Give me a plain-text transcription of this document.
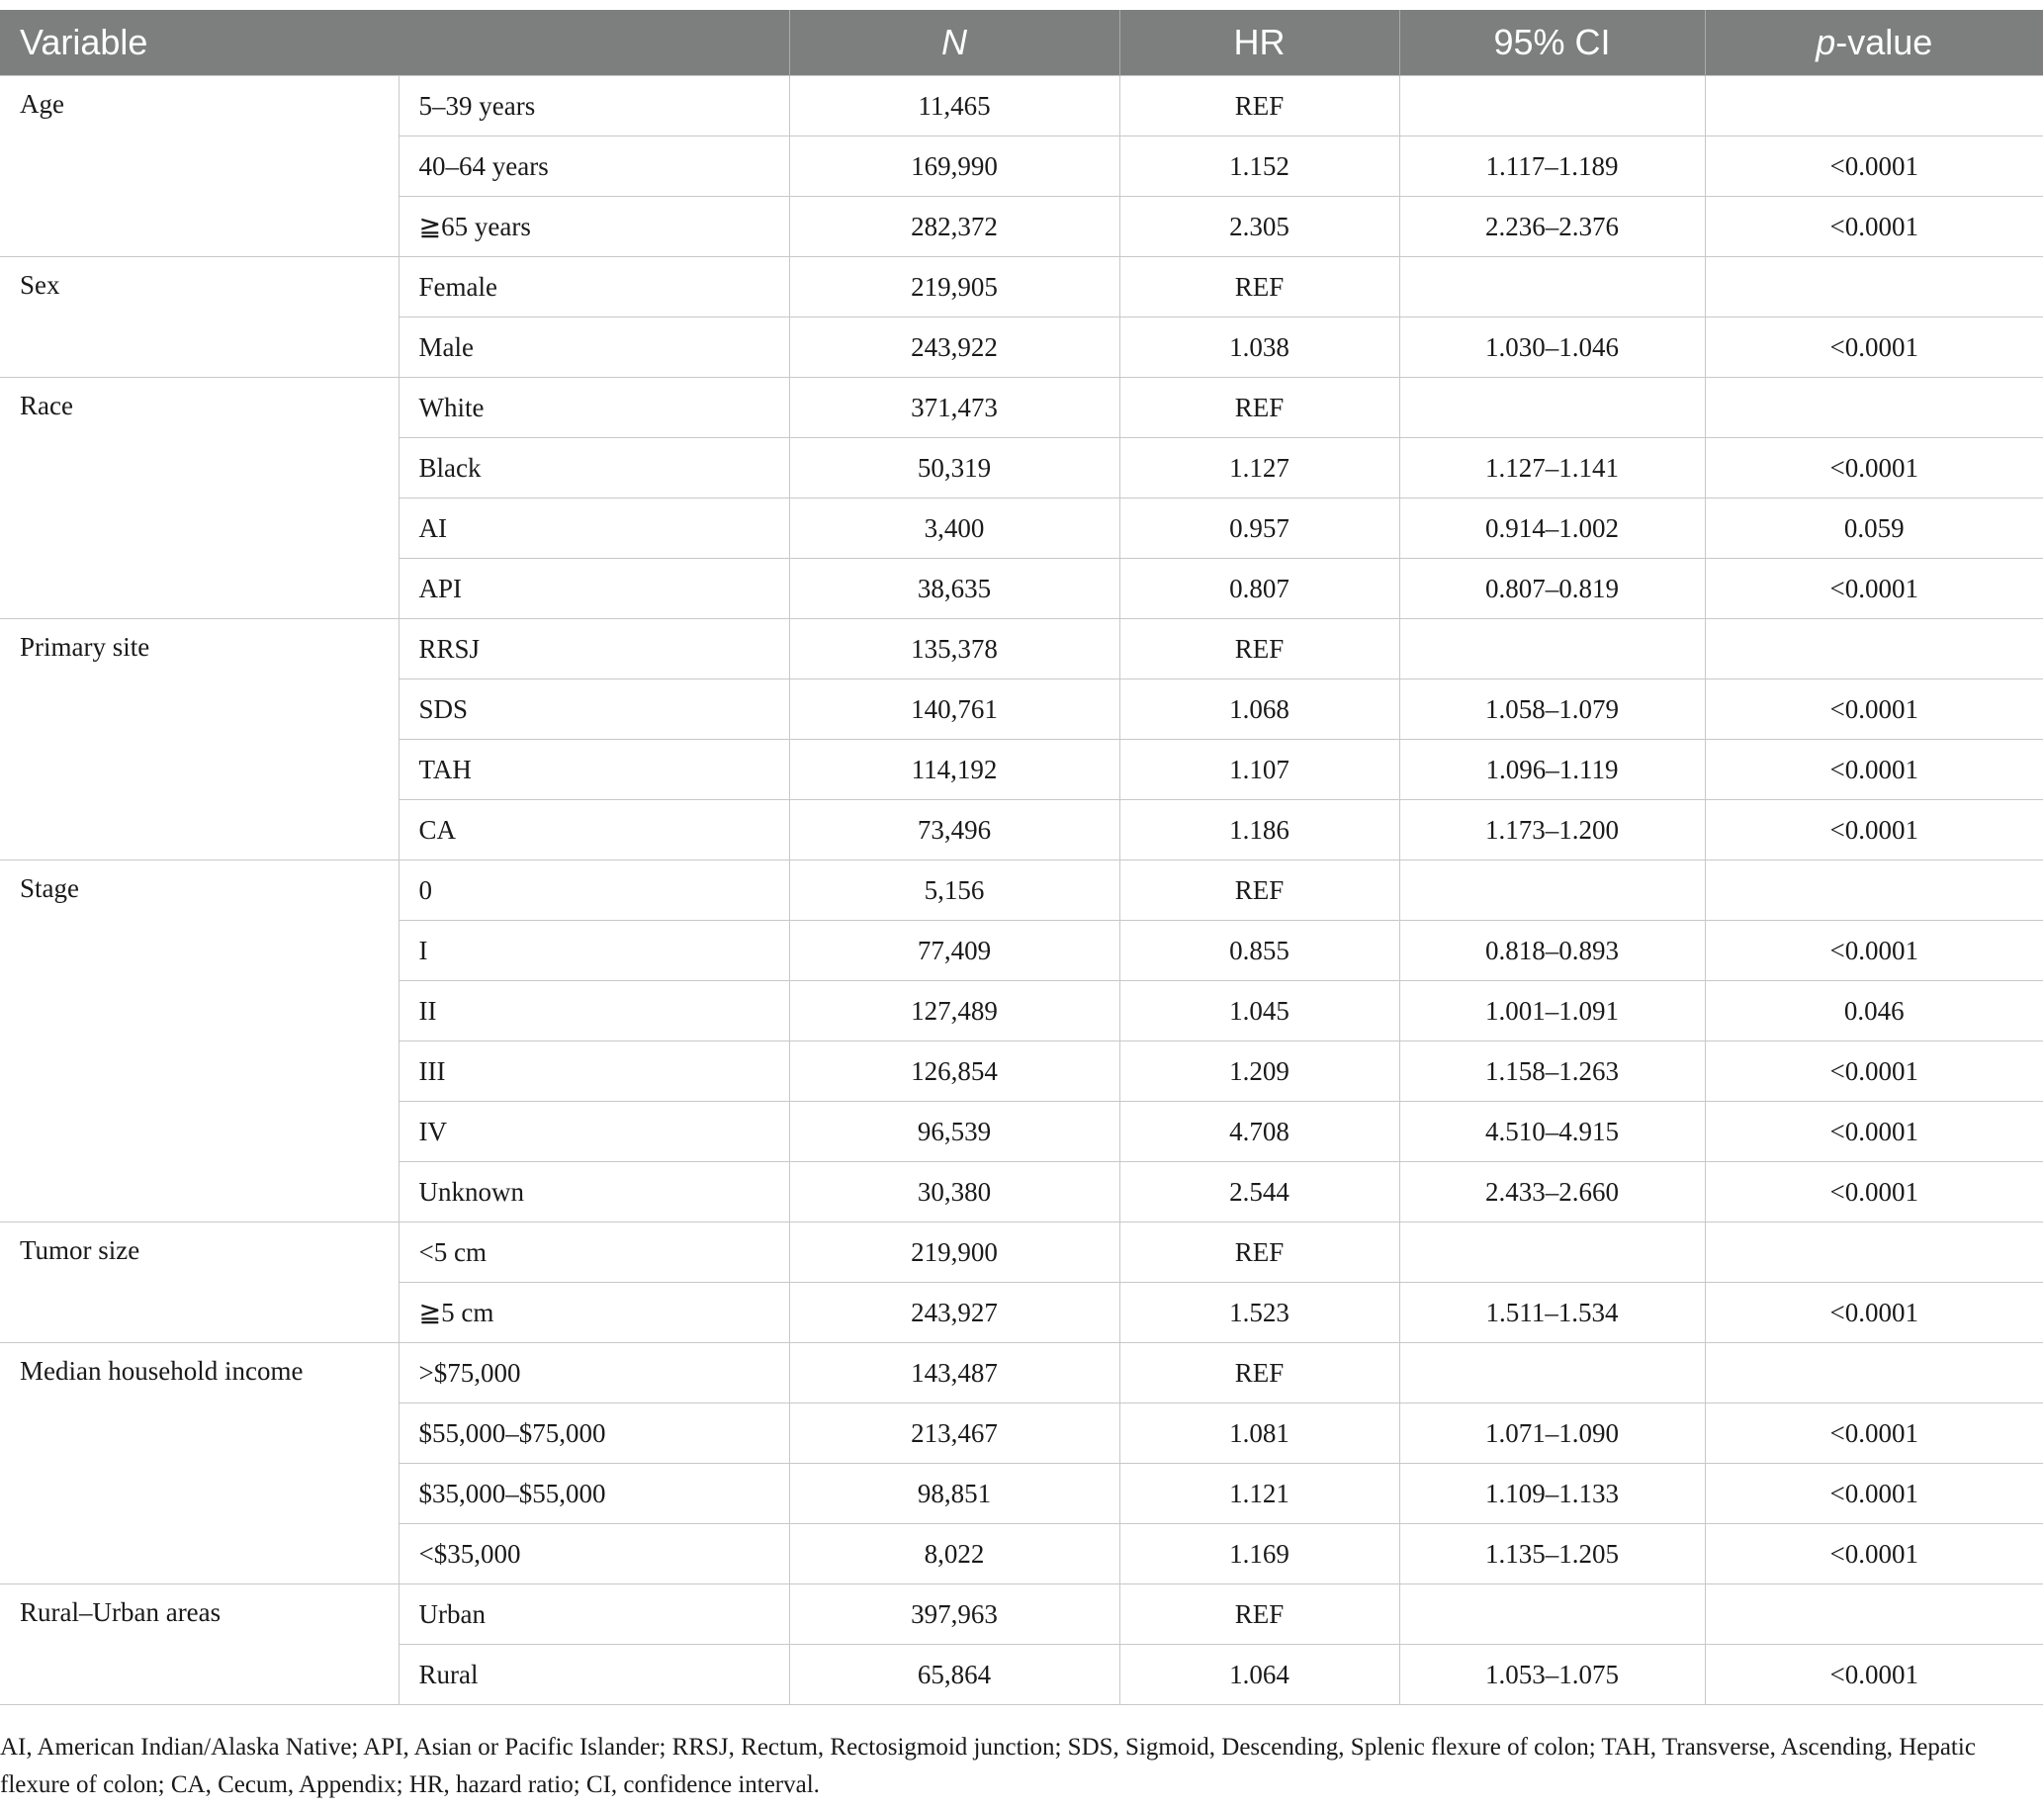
Variable		N	HR	95% CI	p-value
Age	5–39 years	11,465	REF		
	40–64 years	169,990	1.152	1.117–1.189	<0.0001
	≧65 years	282,372	2.305	2.236–2.376	<0.0001
Sex	Female	219,905	REF		
	Male	243,922	1.038	1.030–1.046	<0.0001
Race	White	371,473	REF		
	Black	50,319	1.127	1.127–1.141	<0.0001
	AI	3,400	0.957	0.914–1.002	0.059
	API	38,635	0.807	0.807–0.819	<0.0001
Primary site	RRSJ	135,378	REF		
	SDS	140,761	1.068	1.058–1.079	<0.0001
	TAH	114,192	1.107	1.096–1.119	<0.0001
	CA	73,496	1.186	1.173–1.200	<0.0001
Stage	0	5,156	REF		
	I	77,409	0.855	0.818–0.893	<0.0001
	II	127,489	1.045	1.001–1.091	0.046
	III	126,854	1.209	1.158–1.263	<0.0001
	IV	96,539	4.708	4.510–4.915	<0.0001
	Unknown	30,380	2.544	2.433–2.660	<0.0001
Tumor size	<5 cm	219,900	REF		
	≧5 cm	243,927	1.523	1.511–1.534	<0.0001
Median household income	>$75,000	143,487	REF		
	$55,000–$75,000	213,467	1.081	1.071–1.090	<0.0001
	$35,000–$55,000	98,851	1.121	1.109–1.133	<0.0001
	<$35,000	8,022	1.169	1.135–1.205	<0.0001
Rural–Urban areas	Urban	397,963	REF		
	Rural	65,864	1.064	1.053–1.075	<0.0001
AI, American Indian/Alaska Native; API, Asian or Pacific Islander; RRSJ, Rectum, Rectosigmoid junction; SDS, Sigmoid, Descending, Splenic flexure of colon; TAH, Transverse, Ascending, Hepatic flexure of colon; CA, Cecum, Appendix; HR, hazard ratio; CI, confidence interval.
